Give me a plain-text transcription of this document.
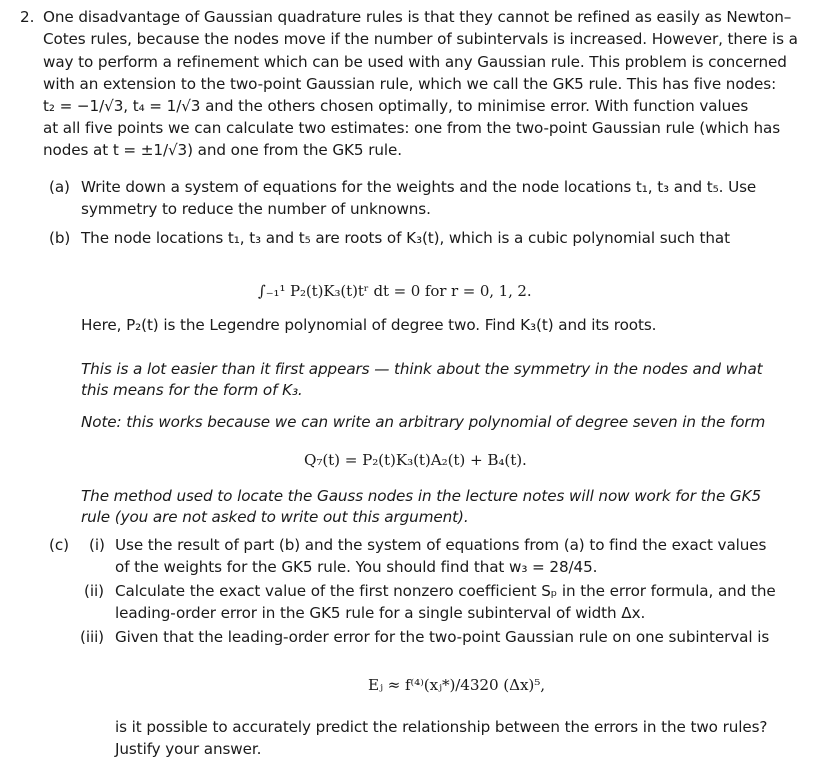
2. One disadvantage of Gaussian quadrature rules is that they cannot be refined as easily as Newton–
Cotes rules, because the nodes move if the number of subintervals is increased. However, there is a
way to perform a refinement which can be used with any Gaussian rule. This problem is concerned
with an extension to the two-point Gaussian rule, which we call the GK5 rule. This has five nodes:
t₂ = −1/√3, t₄ = 1/√3 and the others chosen optimally, to minimise error. With function values
at all five points we can calculate two estimates: one from the two-point Gaussian rule (which has
nodes at t = ±1/√3) and one from the GK5 rule.
(a) Write down a system of equations for the weights and the node locations t₁, t₃ and t₅. Use
symmetry to reduce the number of unknowns.
(b) The node locations t₁, t₃ and t₅ are roots of K₃(t), which is a cubic polynomial such that
∫₋₁¹ P₂(t)K₃(t)tʳ dt = 0 for r = 0, 1, 2.
Here, P₂(t) is the Legendre polynomial of degree two. Find K₃(t) and its roots.
This is a lot easier than it first appears — think about the symmetry in the nodes and what
this means for the form of K₃.
Note: this works because we can write an arbitrary polynomial of degree seven in the form
Q₇(t) = P₂(t)K₃(t)A₂(t) + B₄(t).
The method used to locate the Gauss nodes in the lecture notes will now work for the GK5
rule (you are not asked to write out this argument).
(c) (i) Use the result of part (b) and the system of equations from (a) to find the exact values
of the weights for the GK5 rule. You should find that w₃ = 28/45.
(ii) Calculate the exact value of the first nonzero coefficient Sₚ in the error formula, and the
leading-order error in the GK5 rule for a single subinterval of width Δx.
(iii) Given that the leading-order error for the two-point Gaussian rule on one subinterval is
Eⱼ ≈ f⁽⁴⁾(xⱼ*)/4320 (Δx)⁵,
is it possible to accurately predict the relationship between the errors in the two rules?
Justify your answer.
